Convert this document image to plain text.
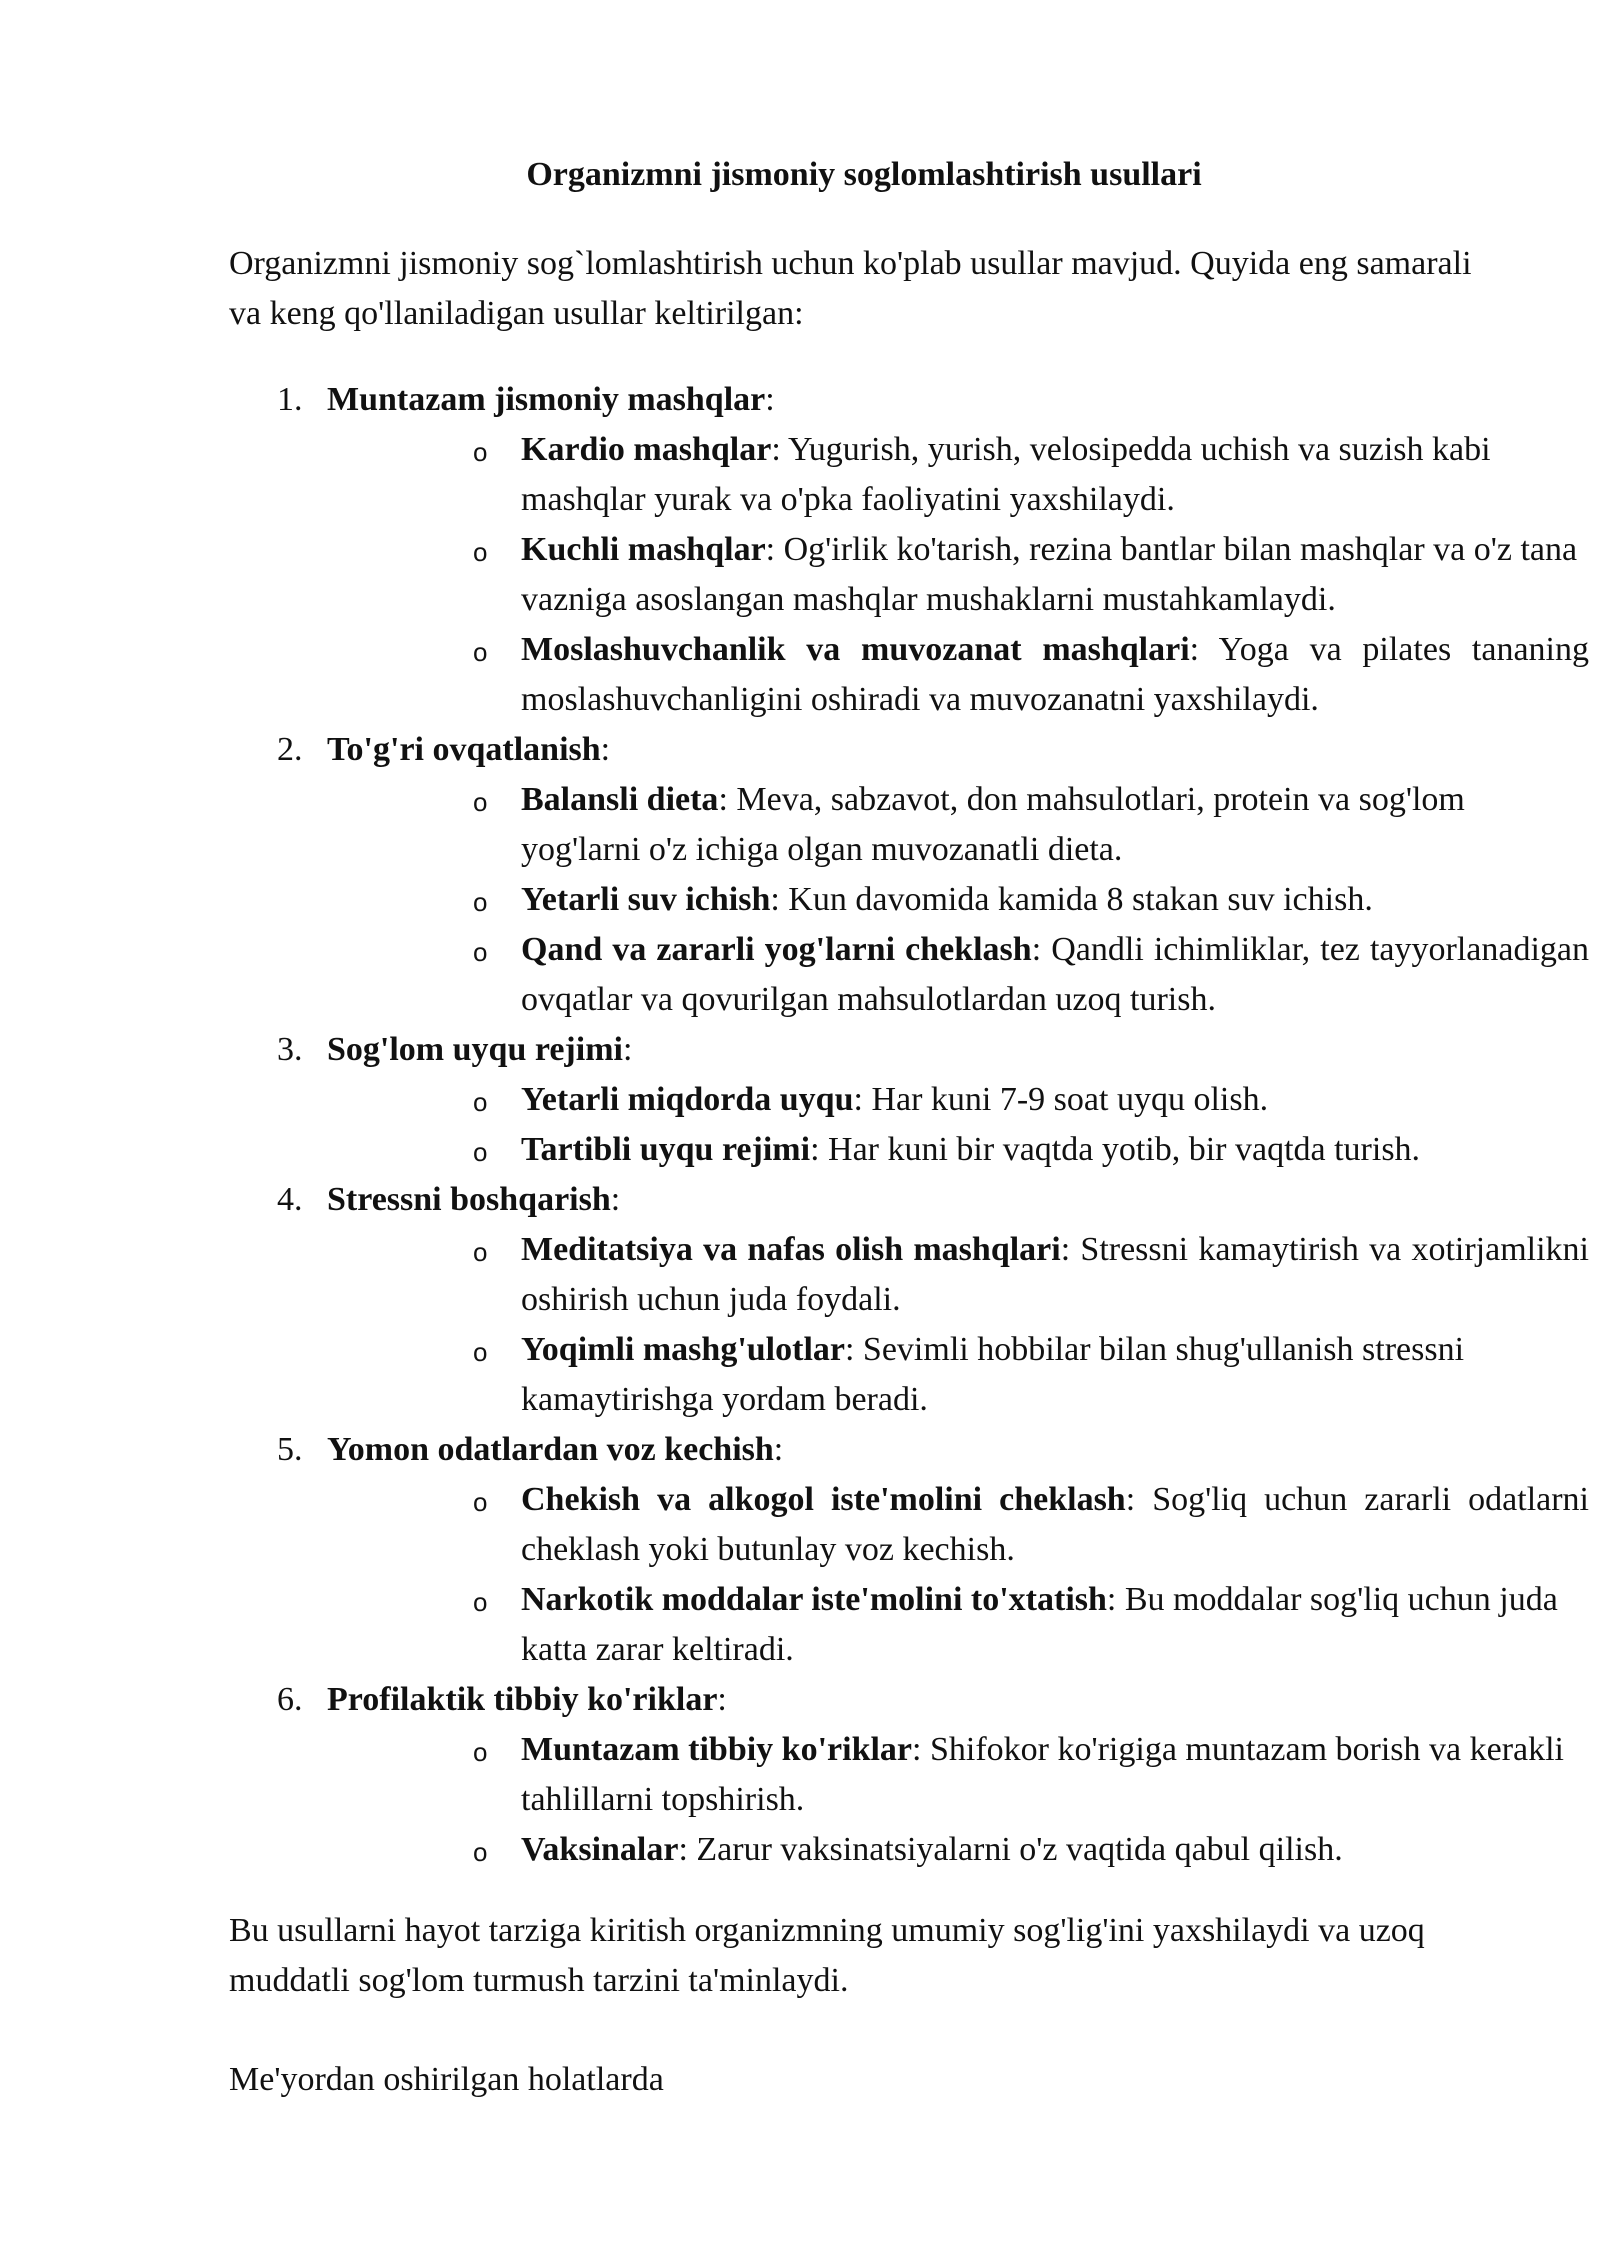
Organizmni jismoniy soglomlashtirish usullari

Organizmni jismoniy sog`lomlashtirish uchun ko'plab usullar mavjud. Quyida eng samarali va keng qo'llaniladigan usullar keltirilgan:

1. Muntazam jismoniy mashqlar:
o Kardio mashqlar: Yugurish, yurish, velosipedda uchish va suzish kabi mashqlar yurak va o'pka faoliyatini yaxshilaydi.
o Kuchli mashqlar: Og'irlik ko'tarish, rezina bantlar bilan mashqlar va o'z tana vazniga asoslangan mashqlar mushaklarni mustahkamlaydi.
o Moslashuvchanlik va muvozanat mashqlari: Yoga va pilates tananing moslashuvchanligini oshiradi va muvozanatni yaxshilaydi.
2. To'g'ri ovqatlanish:
o Balansli dieta: Meva, sabzavot, don mahsulotlari, protein va sog'lom yog'larni o'z ichiga olgan muvozanatli dieta.
o Yetarli suv ichish: Kun davomida kamida 8 stakan suv ichish.
o Qand va zararli yog'larni cheklash: Qandli ichimliklar, tez tayyorlanadigan ovqatlar va qovurilgan mahsulotlardan uzoq turish.
3. Sog'lom uyqu rejimi:
o Yetarli miqdorda uyqu: Har kuni 7-9 soat uyqu olish.
o Tartibli uyqu rejimi: Har kuni bir vaqtda yotib, bir vaqtda turish.
4. Stressni boshqarish:
o Meditatsiya va nafas olish mashqlari: Stressni kamaytirish va xotirjamlikni oshirish uchun juda foydali.
o Yoqimli mashg'ulotlar: Sevimli hobbilar bilan shug'ullanish stressni kamaytirishga yordam beradi.
5. Yomon odatlardan voz kechish:
o Chekish va alkogol iste'molini cheklash: Sog'liq uchun zararli odatlarni cheklash yoki butunlay voz kechish.
o Narkotik moddalar iste'molini to'xtatish: Bu moddalar sog'liq uchun juda katta zarar keltiradi.
6. Profilaktik tibbiy ko'riklar:
o Muntazam tibbiy ko'riklar: Shifokor ko'rigiga muntazam borish va kerakli tahlillarni topshirish.
o Vaksinalar: Zarur vaksinatsiyalarni o'z vaqtida qabul qilish.

Bu usullarni hayot tarziga kiritish organizmning umumiy sog'lig'ini yaxshilaydi va uzoq muddatli sog'lom turmush tarzini ta'minlaydi.

Me'yordan oshirilgan holatlarda
